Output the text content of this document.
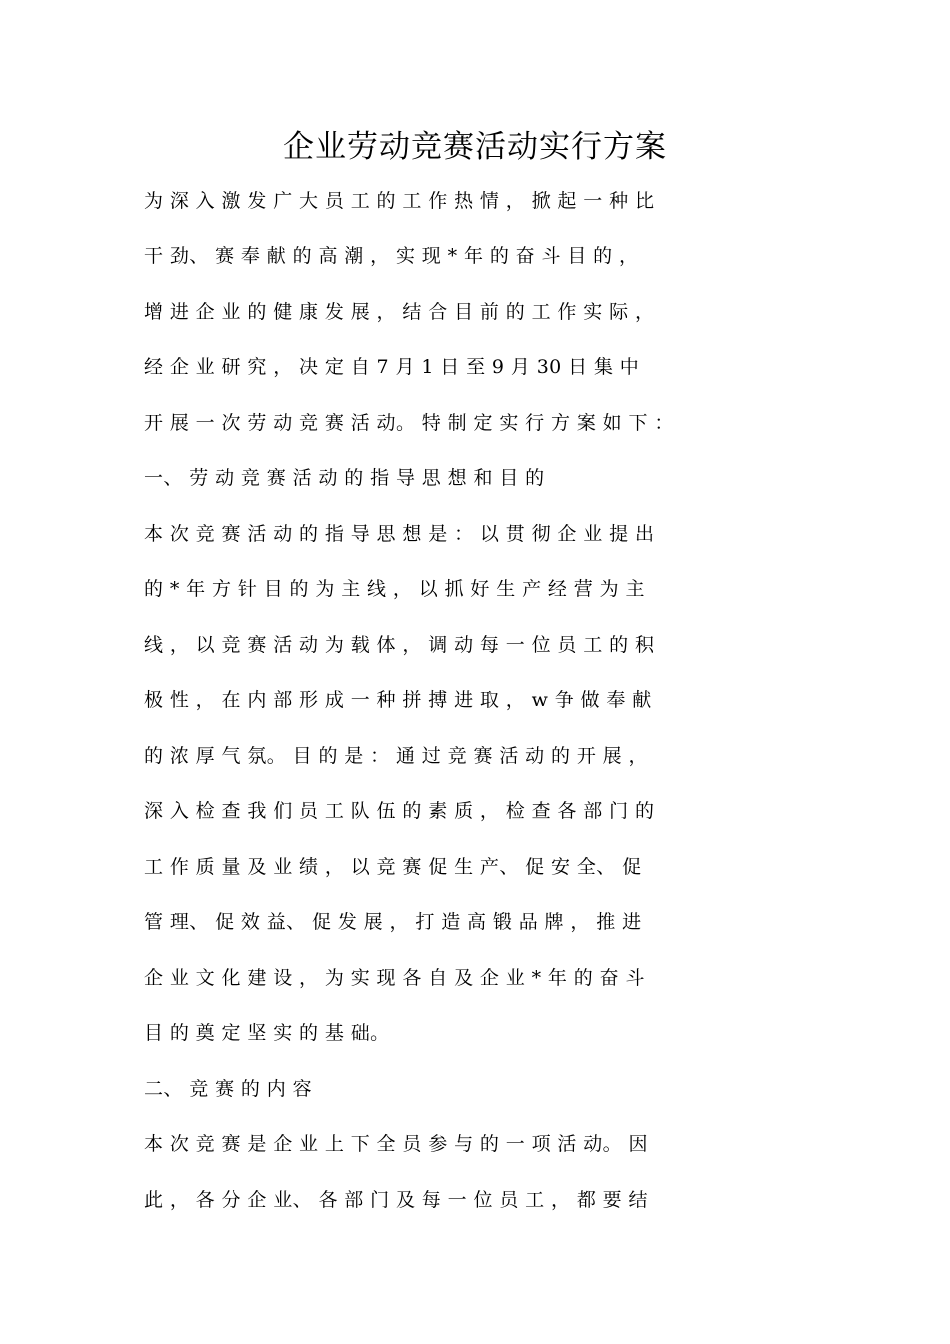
企业劳动竞赛活动实行方案
为 深 入 激 发 广 大 员 工 的 工 作 热 情 ， 掀 起 一 种 比
干 劲、 赛 奉 献 的 高 潮 ， 实 现 * 年 的 奋 斗 目 的 ，
增 进 企 业 的 健 康 发 展 ， 结 合 目 前 的 工 作 实 际 ，
经 企 业 研 究 ， 决 定 自 7 月 1 日 至 9 月 30 日 集 中
开 展 一 次 劳 动 竞 赛 活 动。 特 制 定 实 行 方 案 如 下 ：
一、 劳 动 竞 赛 活 动 的 指 导 思 想 和 目 的
本 次 竞 赛 活 动 的 指 导 思 想 是 ： 以 贯 彻 企 业 提 出
的 * 年 方 针 目 的 为 主 线 ， 以 抓 好 生 产 经 营 为 主
线 ， 以 竞 赛 活 动 为 载 体 ， 调 动 每 一 位 员 工 的 积
极 性 ， 在 内 部 形 成 一 种 拼 搏 进 取 ， w 争 做 奉 献
的 浓 厚 气 氛。 目 的 是 ： 通 过 竞 赛 活 动 的 开 展 ，
深 入 检 查 我 们 员 工 队 伍 的 素 质 ， 检 查 各 部 门 的
工 作 质 量 及 业 绩 ， 以 竞 赛 促 生 产、 促 安 全、 促
管 理、 促 效 益、 促 发 展 ， 打 造 高 锻 品 牌 ， 推 进
企 业 文 化 建 设 ， 为 实 现 各 自 及 企 业 * 年 的 奋 斗
目 的 奠 定 坚 实 的 基 础。
二、 竞 赛 的 内 容
本 次 竞 赛 是 企 业 上 下 全 员 参 与 的 一 项 活 动。 因
此 ， 各 分 企 业、 各 部 门 及 每 一 位 员 工 ， 都 要 结
